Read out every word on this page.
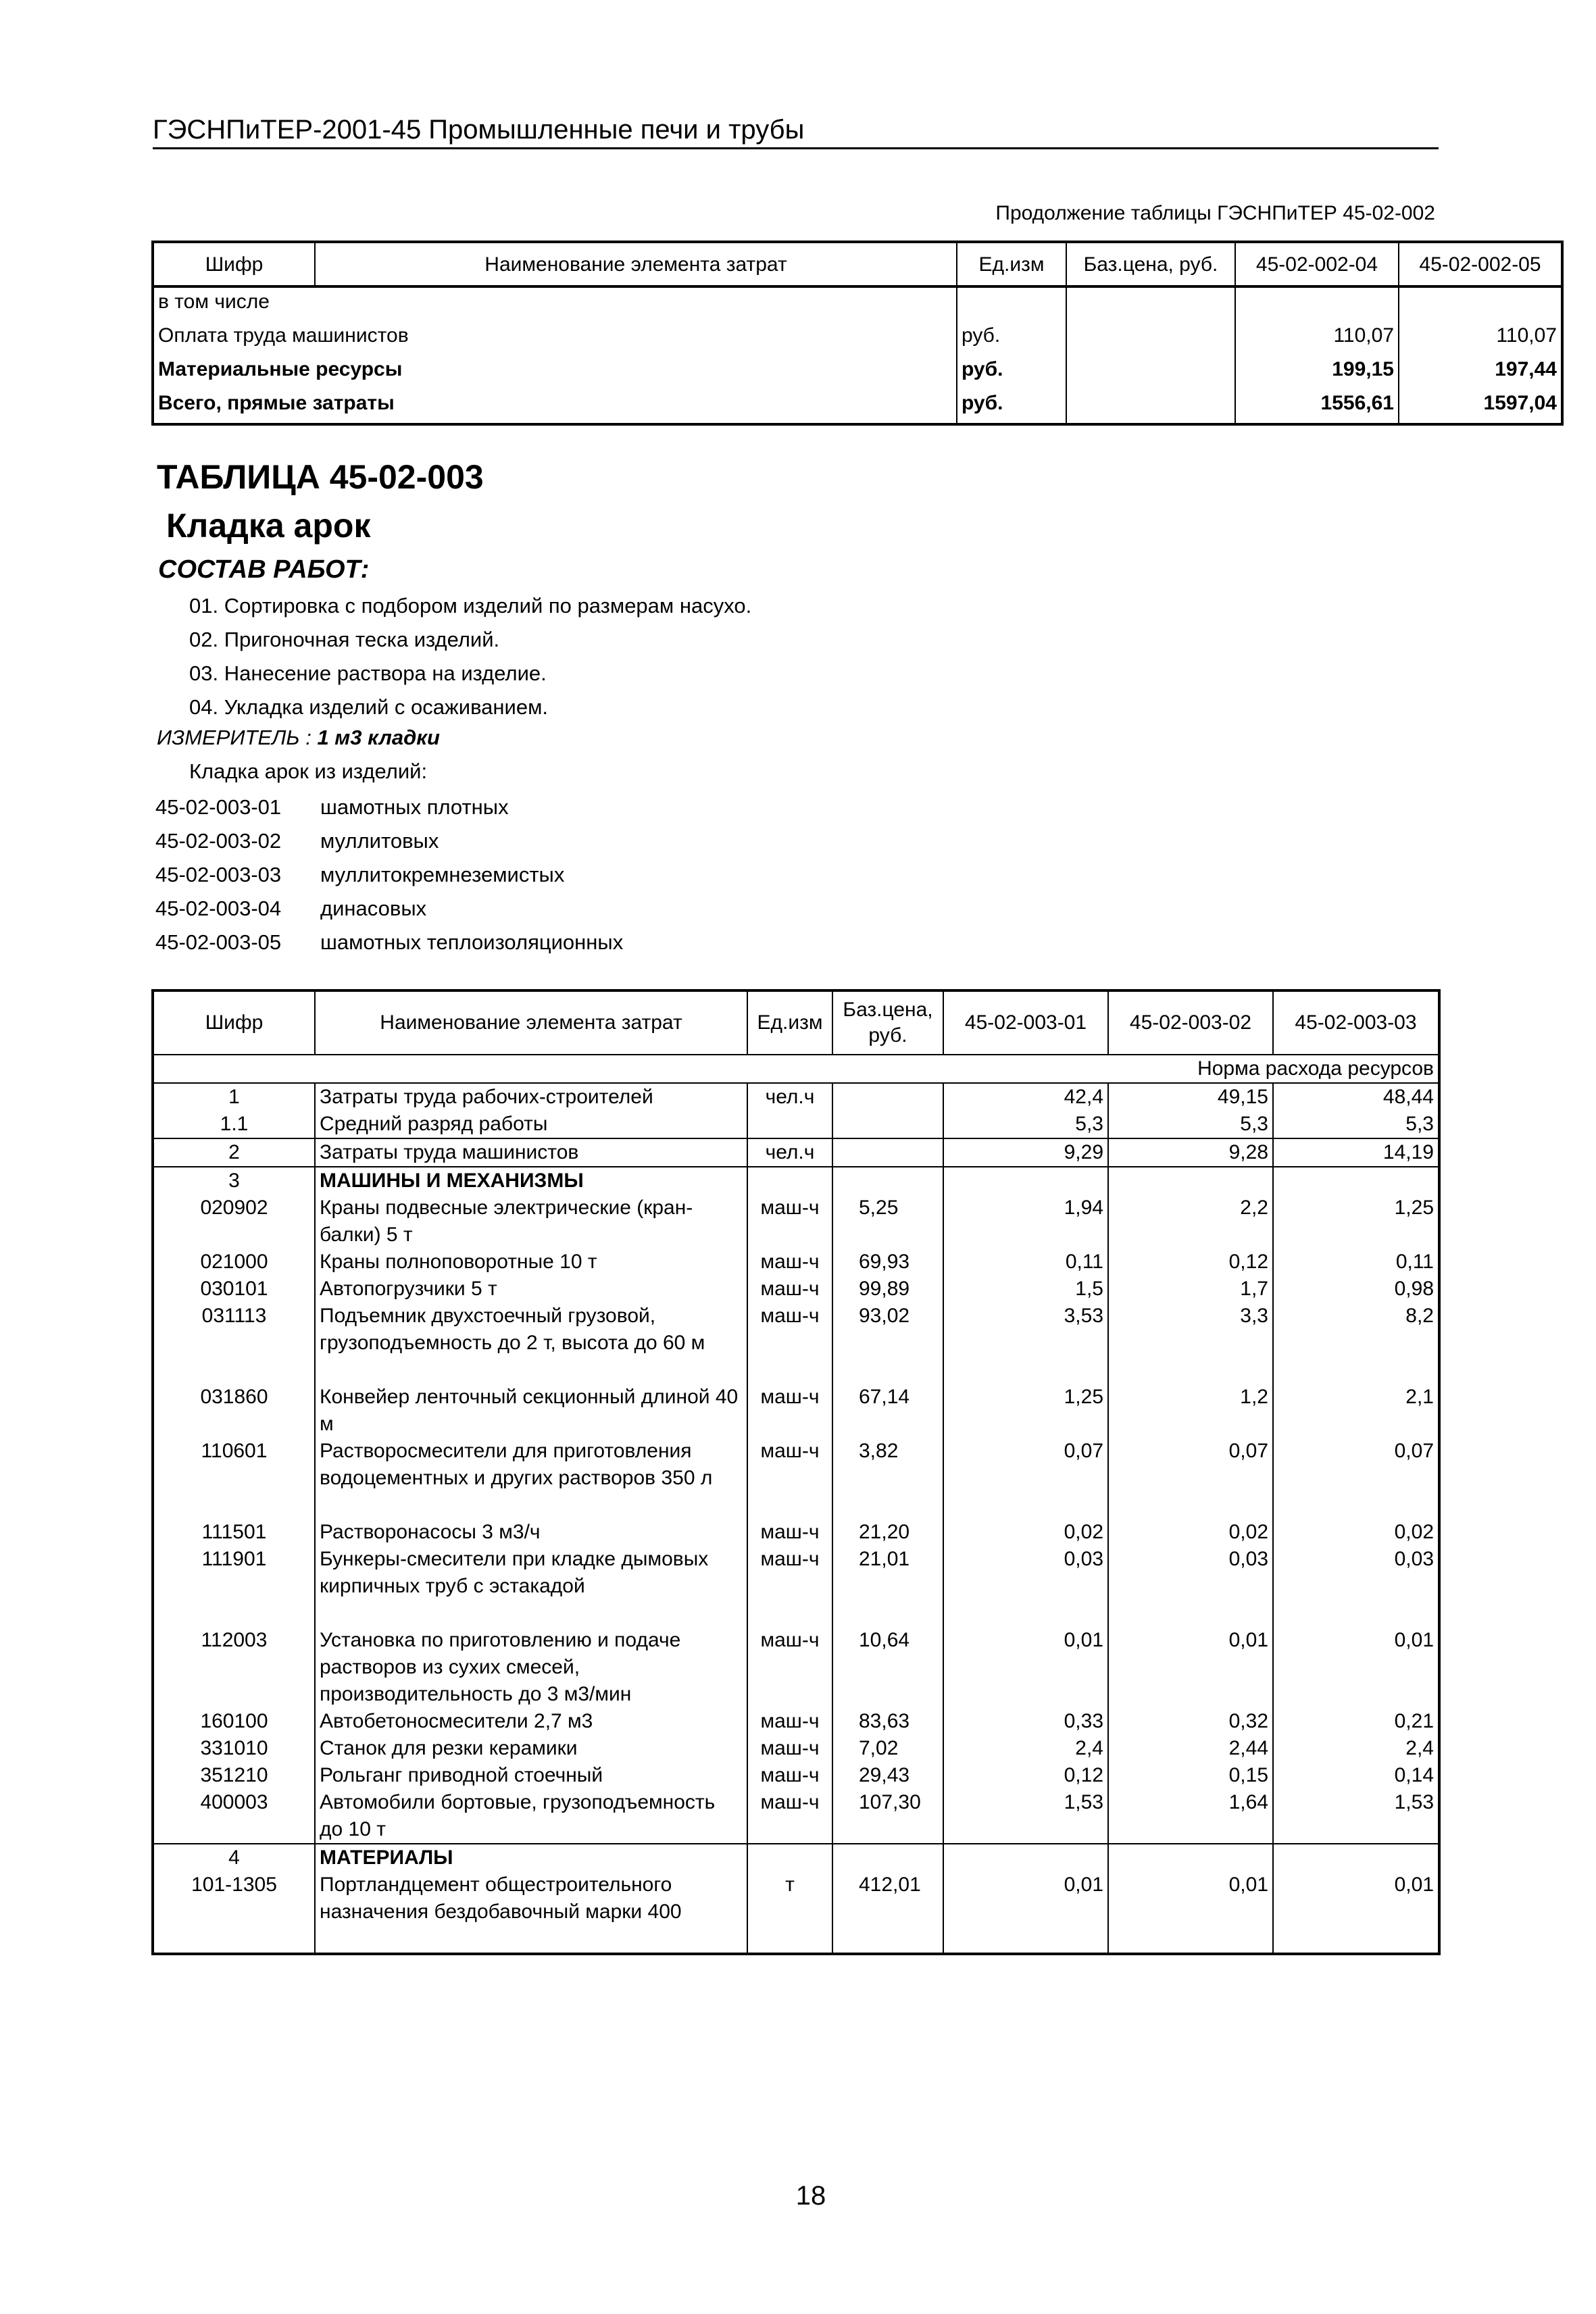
ГЭСНПиТЕР-2001-45 Промышленные печи и трубы
Продолжение таблицы ГЭСНПиТЕР 45-02-002
Шифр	Наименование элемента затрат	Ед.изм	Баз.цена, руб.	45-02-002-04	45-02-002-05
в том числе					
Оплата труда машинистов		руб.		110,07	110,07
Материальные ресурсы		руб.		199,15	197,44
Всего, прямые затраты		руб.		1556,61	1597,04
ТАБЛИЦА 45-02-003
Кладка арок
СОСТАВ РАБОТ:
01. Сортировка с подбором изделий по размерам насухо.
02. Пригоночная теска изделий.
03. Нанесение раствора на изделие.
04. Укладка изделий с осаживанием.
ИЗМЕРИТЕЛЬ : 1 м3 кладки
Кладка арок из изделий:
45-02-003-01 шамотных плотных
45-02-003-02 муллитовых
45-02-003-03 муллитокремнеземистых
45-02-003-04 динасовых
45-02-003-05 шамотных теплоизоляционных
Шифр	Наименование элемента затрат	Ед.изм	Баз.цена, руб.	45-02-003-01	45-02-003-02	45-02-003-03
Норма расхода ресурсов						
1	Затраты труда рабочих-строителей	чел.ч		42,4	49,15	48,44
1.1	Средний разряд работы			5,3	5,3	5,3
2	Затраты труда машинистов	чел.ч		9,29	9,28	14,19
3	МАШИНЫ И МЕХАНИЗМЫ					
020902	Краны подвесные электрические (кран-балки) 5 т	маш-ч	5,25	1,94	2,2	1,25
021000	Краны полноповоротные 10 т	маш-ч	69,93	0,11	0,12	0,11
030101	Автопогрузчики 5 т	маш-ч	99,89	1,5	1,7	0,98
031113	Подъемник двухстоечный грузовой, грузоподъемность до 2 т, высота до 60 м	маш-ч	93,02	3,53	3,3	8,2
031860	Конвейер ленточный секционный длиной 40 м	маш-ч	67,14	1,25	1,2	2,1
110601	Растворосмесители для приготовления водоцементных и других растворов 350 л	маш-ч	3,82	0,07	0,07	0,07
111501	Растворонасосы 3 м3/ч	маш-ч	21,20	0,02	0,02	0,02
111901	Бункеры-смесители при кладке дымовых кирпичных труб с эстакадой	маш-ч	21,01	0,03	0,03	0,03
112003	Установка по приготовлению и подаче растворов из сухих смесей, производительность до 3 м3/мин	маш-ч	10,64	0,01	0,01	0,01
160100	Автобетоносмесители 2,7 м3	маш-ч	83,63	0,33	0,32	0,21
331010	Станок для резки керамики	маш-ч	7,02	2,4	2,44	2,4
351210	Рольганг приводной стоечный	маш-ч	29,43	0,12	0,15	0,14
400003	Автомобили бортовые, грузоподъемность до 10 т	маш-ч	107,30	1,53	1,64	1,53
4	МАТЕРИАЛЫ					
101-1305	Портландцемент общестроительного назначения бездобавочный марки 400	т	412,01	0,01	0,01	0,01

18
